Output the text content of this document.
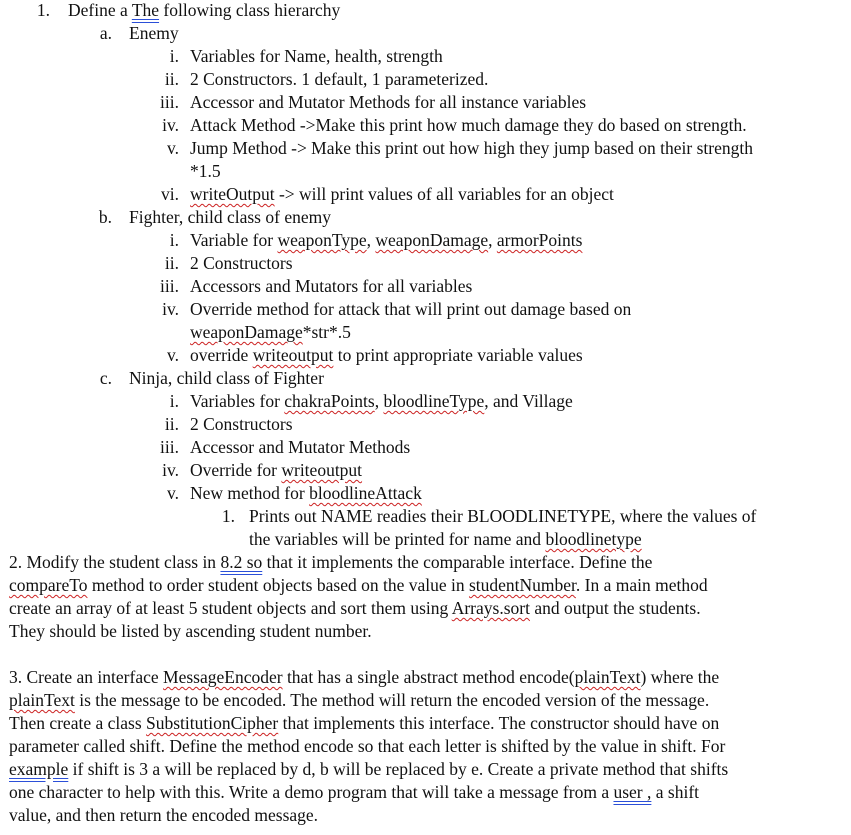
1. Define a The following class hierarchy
a. Enemy
i. Variables for Name, health, strength
ii. 2 Constructors. 1 default, 1 parameterized.
iii. Accessor and Mutator Methods for all instance variables
iv. Attack Method ->Make this print how much damage they do based on strength.
v. Jump Method -> Make this print out how high they jump based on their strength
*1.5
vi. writeOutput -> will print values of all variables for an object
b. Fighter, child class of enemy
i. Variable for weaponType, weaponDamage, armorPoints
ii. 2 Constructors
iii. Accessors and Mutators for all variables
iv. Override method for attack that will print out damage based on
weaponDamage*str*.5
v. override writeoutput to print appropriate variable values
c. Ninja, child class of Fighter
i. Variables for chakraPoints, bloodlineType, and Village
ii. 2 Constructors
iii. Accessor and Mutator Methods
iv. Override for writeoutput
v. New method for bloodlineAttack
1. Prints out NAME readies their BLOODLINETYPE, where the values of
the variables will be printed for name and bloodlinetype
2. Modify the student class in 8.2 so that it implements the comparable interface. Define the
compareTo method to order student objects based on the value in studentNumber. In a main method
create an array of at least 5 student objects and sort them using Arrays.sort and output the students.
They should be listed by ascending student number.
3. Create an interface MessageEncoder that has a single abstract method encode(plainText) where the
plainText is the message to be encoded. The method will return the encoded version of the message.
Then create a class SubstitutionCipher that implements this interface. The constructor should have on
parameter called shift. Define the method encode so that each letter is shifted by the value in shift. For
example if shift is 3 a will be replaced by d, b will be replaced by e. Create a private method that shifts
one character to help with this. Write a demo program that will take a message from a user , a shift
value, and then return the encoded message.
